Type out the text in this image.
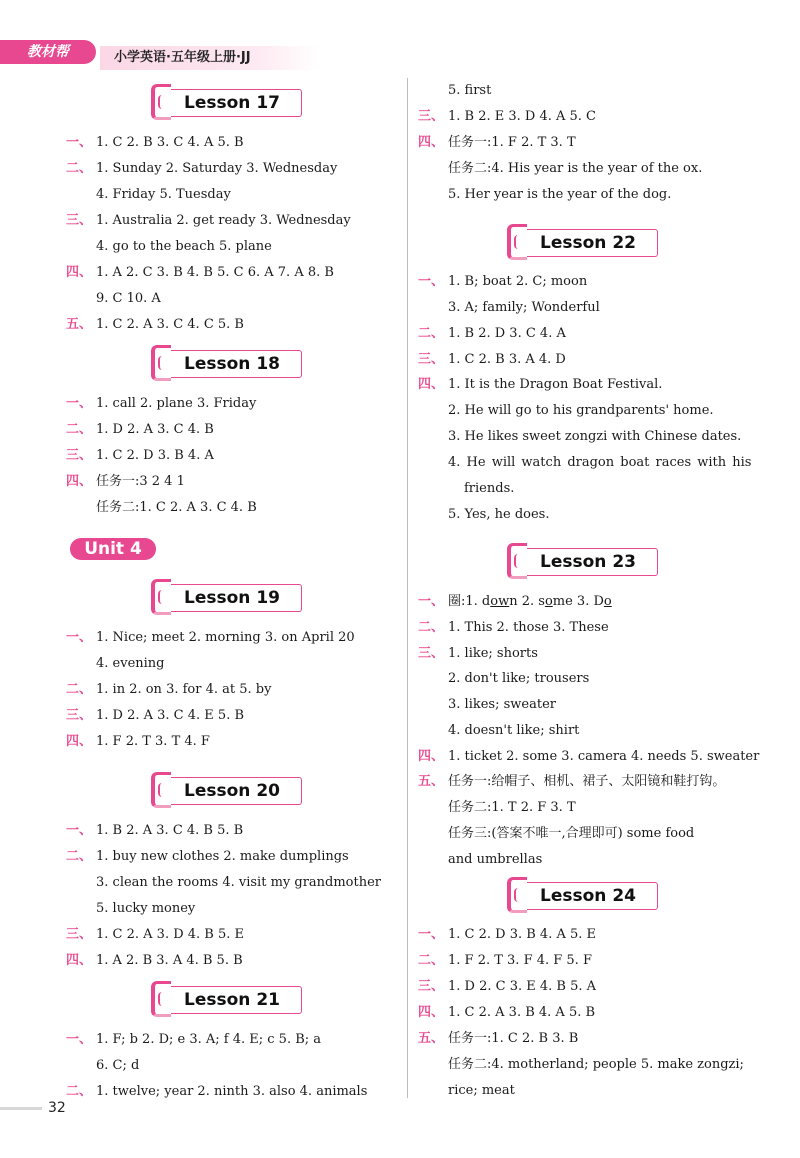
教材帮	小学英语·五年级上册·JJ
Lesson 17
一、 1. C 2. B 3. C 4. A 5. B
二、 1. Sunday 2. Saturday 3. Wednesday
4. Friday 5. Tuesday
三、 1. Australia 2. get ready 3. Wednesday
4. go to the beach 5. plane
四、 1. A 2. C 3. B 4. B 5. C 6. A 7. A 8. B
9. C 10. A
五、 1. C 2. A 3. C 4. C 5. B
Lesson 18
一、 1. call 2. plane 3. Friday
二、 1. D 2. A 3. C 4. B
三、 1. C 2. D 3. B 4. A
四、 任务一:3 2 4 1
任务二:1. C 2. A 3. C 4. B
Unit 4
Lesson 19
一、 1. Nice; meet 2. morning 3. on April 20
4. evening
二、 1. in 2. on 3. for 4. at 5. by
三、 1. D 2. A 3. C 4. E 5. B
四、 1. F 2. T 3. T 4. F
Lesson 20
一、 1. B 2. A 3. C 4. B 5. B
二、 1. buy new clothes 2. make dumplings
3. clean the rooms 4. visit my grandmother
5. lucky money
三、 1. C 2. A 3. D 4. B 5. E
四、 1. A 2. B 3. A 4. B 5. B
Lesson 21
一、 1. F; b 2. D; e 3. A; f 4. E; c 5. B; a
6. C; d
二、 1. twelve; year 2. ninth 3. also 4. animals
5. first
三、 1. B 2. E 3. D 4. A 5. C
四、 任务一:1. F 2. T 3. T
任务二:4. His year is the year of the ox.
5. Her year is the year of the dog.
Lesson 22
一、 1. B; boat 2. C; moon
3. A; family; Wonderful
二、 1. B 2. D 3. C 4. A
三、 1. C 2. B 3. A 4. D
四、 1. It is the Dragon Boat Festival.
2. He will go to his grandparents' home.
3. He likes sweet zongzi with Chinese dates.
4. He will watch dragon boat races with his
friends.
5. Yes, he does.
Lesson 23
一、 圈:1. down 2. some 3. Do
二、 1. This 2. those 3. These
三、 1. like; shorts
2. don't like; trousers
3. likes; sweater
4. doesn't like; shirt
四、 1. ticket 2. some 3. camera 4. needs 5. sweater
五、 任务一:给帽子、相机、裙子、太阳镜和鞋打钩。
任务二:1. T 2. F 3. T
任务三:(答案不唯一,合理即可) some food
and umbrellas
Lesson 24
一、 1. C 2. D 3. B 4. A 5. E
二、 1. F 2. T 3. F 4. F 5. F
三、 1. D 2. C 3. E 4. B 5. A
四、 1. C 2. A 3. B 4. A 5. B
五、 任务一:1. C 2. B 3. B
任务二:4. motherland; people 5. make zongzi;
rice; meat
32
